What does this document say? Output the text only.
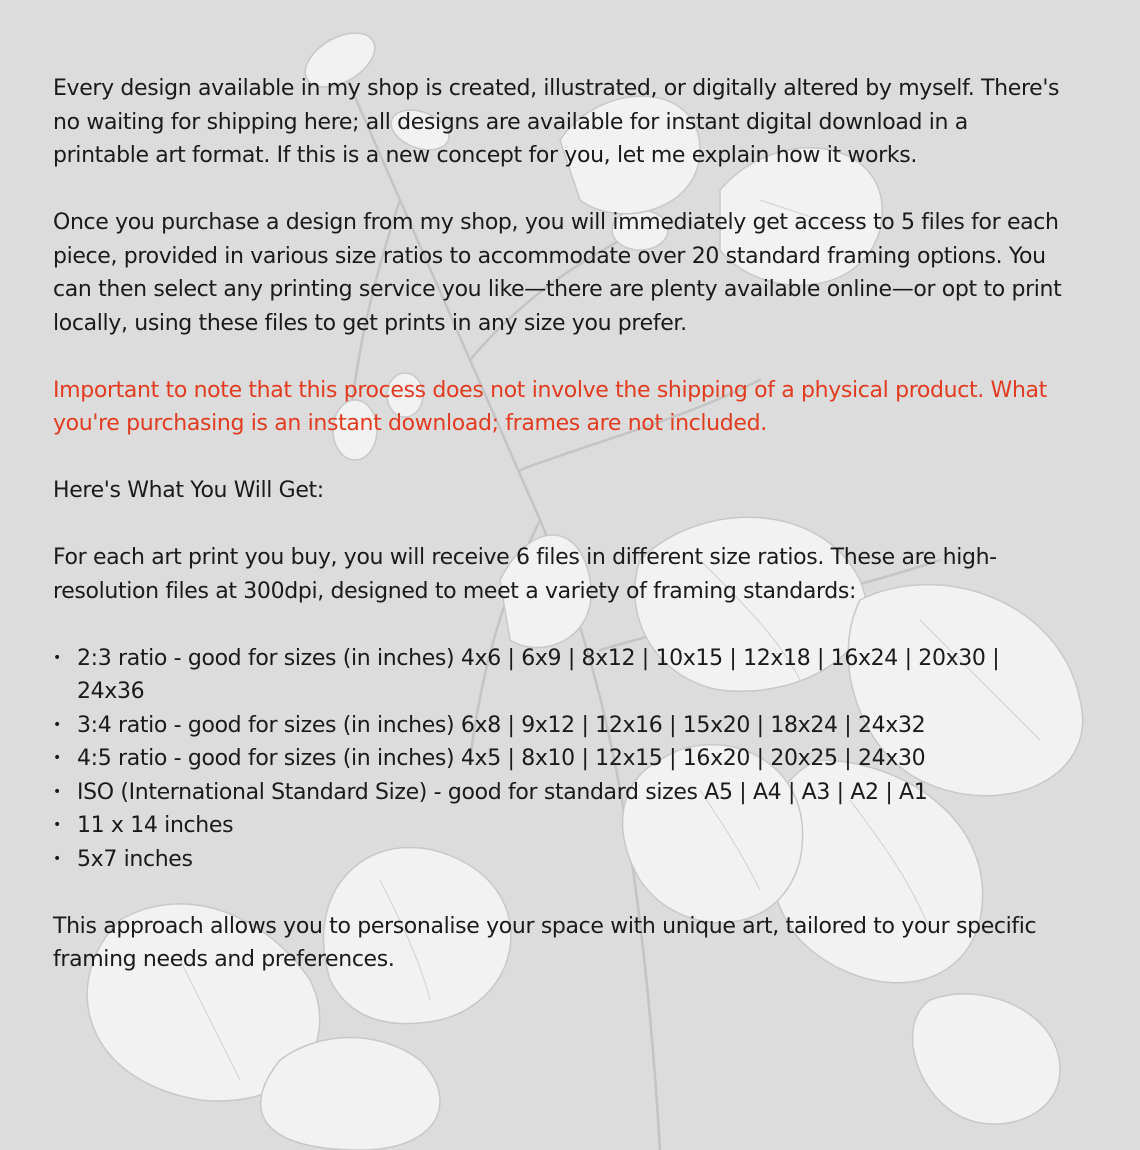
Every design available in my shop is created, illustrated, or digitally altered by myself. There's no waiting for shipping here; all designs are available for instant digital download in a printable art format. If this is a new concept for you, let me explain how it works.

Once you purchase a design from my shop, you will immediately get access to 5 files for each piece, provided in various size ratios to accommodate over 20 standard framing options. You can then select any printing service you like—there are plenty available online—or opt to print locally, using these files to get prints in any size you prefer.

Important to note that this process does not involve the shipping of a physical product. What you're purchasing is an instant download; frames are not included.

Here's What You Will Get:

For each art print you buy, you will receive 6 files in different size ratios. These are high-resolution files at 300dpi, designed to meet a variety of framing standards:

• 2:3 ratio - good for sizes (in inches) 4x6 | 6x9 | 8x12 | 10x15 | 12x18 | 16x24 | 20x30 | 24x36
• 3:4 ratio - good for sizes (in inches) 6x8 | 9x12 | 12x16 | 15x20 | 18x24 | 24x32
• 4:5 ratio - good for sizes (in inches) 4x5 | 8x10 | 12x15 | 16x20 | 20x25 | 24x30
• ISO (International Standard Size) - good for standard sizes A5 | A4 | A3 | A2 | A1
• 11 x 14 inches
• 5x7 inches

This approach allows you to personalise your space with unique art, tailored to your specific framing needs and preferences.
